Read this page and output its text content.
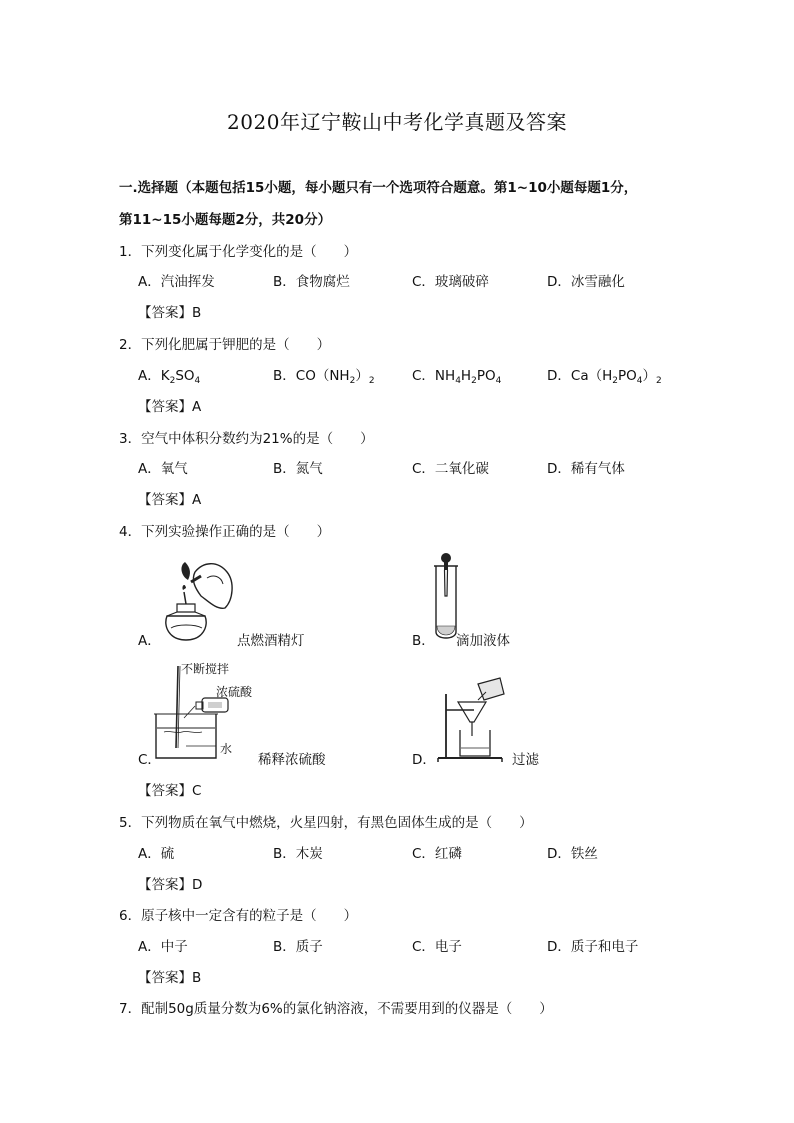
2020年辽宁鞍山中考化学真题及答案
一.选择题（本题包括15小题，每小题只有一个选项符合题意。第1~10小题每题1分，
第11~15小题每题2分，共20分）
1．下列变化属于化学变化的是（　　）
A．汽油挥发	B．食物腐烂	C．玻璃破碎	D．冰雪融化
【答案】B
2．下列化肥属于钾肥的是（　　）
A．$K_2SO_4$	B．$CO(NH_2)_2$	C．$NH_4H_2PO_4$	D．$Ca(H_2PO_4)_2$
【答案】A
3．空气中体积分数约为21%的是（　　）
A．氧气	B．氮气	C．二氧化碳	D．稀有气体
【答案】A
4．下列实验操作正确的是（　　）
A．	点燃酒精灯	B． 滴加液体
不断搅拌
浓硫酸
水
C．	稀释浓硫酸	D．	过滤
【答案】C
5．下列物质在氧气中燃烧，火星四射，有黑色固体生成的是（　　）
A．硫	B．木炭	C．红磷	D．铁丝
【答案】D
6．原子核中一定含有的粒子是（　　）
A．中子	B．质子	C．电子	D．质子和电子
【答案】B
7．配制50g质量分数为6%的氯化钠溶液，不需要用到的仪器是（　　）
